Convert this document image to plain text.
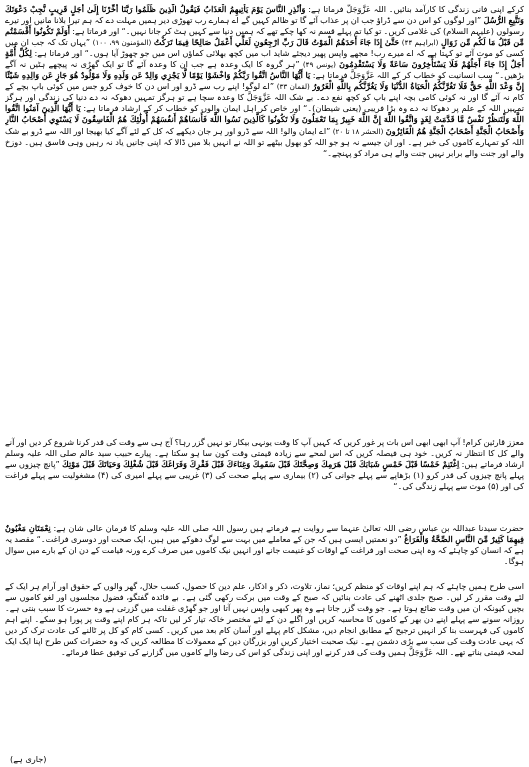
کرکے اپنی فانی زندگی کا کارآمد بنائیں۔ اللہ عَزَّوَجَلَّ فرماتا ہے: وَأَنْذِرِ النَّاسَ يَوْمَ يَأْتِيهِمُ الْعَذَابُ فَيَقُولُ الَّذِينَ ظَلَمُوا رَبَّنَا أَخِّرْنَا إِلَىٰ أَجَلٍ قَرِيبٍ نُّجِبْ دَعْوَتَكَ وَنَتَّبِعِ الرُّسُلَ ”اور لوگوں کو اس دن سے ڈراؤ جب ان پر عذاب آئے گا تو ظالم کہیں گے اے ہمارے رب تھوڑی دیر ہمیں مہلت دے کہ ہم تیرا بلانا مانیں اور تیرے رسولوں (علیہم السلام) کی غلامی کریں۔ تو کیا تم پہلے قسم نہ کھا چکے تھے کہ ہمیں دنیا سے کہیں ہٹ کر جانا نہیں۔“ اور فرماتا ہے: أَوَلَمْ تَكُونُوا أَقْسَمْتُم مِّن قَبْلُ مَا لَكُم مِّن زَوَالٍ (ابراہیم ۴۴) حَتَّىٰ إِذَا جَاءَ أَحَدَهُمُ الْمَوْتُ قَالَ رَبِّ ارْجِعُونِ لَعَلِّي أَعْمَلُ صَالِحًا فِيمَا تَرَكْتُ (المؤمنون ۹۹، ۱۰۰) ”یہاں تک کہ جب ان میں کسی کو موت آئے تو کہتا ہے کہ اے میرے رب! مجھے واپس پھیر دیجئے شاید اب میں کچھ بھلائی کماؤں اس میں جو چھوڑ آیا ہوں۔“ اور فرماتا ہے: لِكُلِّ أُمَّةٍ أَجَلٌ إِذَا جَاءَ أَجَلُهُمْ فَلَا يَسْتَأْخِرُونَ سَاعَةً وَلَا يَسْتَقْدِمُونَ (یونس ۴۹) ”ہر گروہ کا ایک وعدہ ہے جب ان کا وعدہ آئے گا تو ایک گھڑی نہ پیچھے ہٹیں نہ آگے بڑھیں۔“ سب انسانیت کو خطاب کر کے اللہ عَزَّوَجَلَّ فرماتا ہے: يَا أَيُّهَا النَّاسُ اتَّقُوا رَبَّكُمْ وَاخْشَوْا يَوْمًا لَّا يَجْزِي وَالِدٌ عَن وَلَدِهِ وَلَا مَوْلُودٌ هُوَ جَازٍ عَن وَالِدِهِ شَيْئًا إِنَّ وَعْدَ اللَّهِ حَقٌّ فَلَا تَغُرَّنَّكُمُ الْحَيَاةُ الدُّنْيَا وَلَا يَغُرَّنَّكُم بِاللَّهِ الْغَرُورُ (لقمان ۳۳) ”اے لوگو! اپنے رب سے ڈرو اور اس دن کا خوف کرو جس میں کوئی باپ بچے کے کام نہ آئے گا اور نہ کوئی کامی بچہ اپنے باپ کو کچھ نفع دے۔ بے شک اللہ عَزَّوَجَلَّ کا وعدہ سچا ہے تو ہرگز تمہیں دھوکہ نہ دے دنیا کی زندگی اور ہرگز تمہیں اللہ کے علم پر دھوکا نہ دے وہ بڑا فریبی (یعنی شیطان)۔“ اور خاص کر اہل ایمان والوں کو خطاب کر کے ارشاد فرماتا ہے: يَا أَيُّهَا الَّذِينَ آمَنُوا اتَّقُوا اللَّهَ وَلْتَنظُرْ نَفْسٌ مَّا قَدَّمَتْ لِغَدٍ وَاتَّقُوا اللَّهَ إِنَّ اللَّهَ خَبِيرٌ بِمَا تَعْمَلُونَ وَلَا تَكُونُوا كَالَّذِينَ نَسُوا اللَّهَ فَأَنسَاهُمْ أَنفُسَهُمْ أُولَٰئِكَ هُمُ الْفَاسِقُونَ لَا يَسْتَوِي أَصْحَابُ النَّارِ وَأَصْحَابُ الْجَنَّةِ أَصْحَابُ الْجَنَّةِ هُمُ الْفَائِزُونَ (الحشر ۱۸ تا ۲۰) ”اے ایمان والو! اللہ سے ڈرو اور ہر جان دیکھے کہ کل کے لئے آگے کیا بھیجا اور اللہ سے ڈرو بے شک اللہ کو تمہارے کاموں کی خبر ہے۔ اور ان جیسے نہ ہو جو اللہ کو بھول بیٹھے تو اللہ نے انہیں بلا میں ڈالا کہ اپنی جانیں یاد نہ رہیں وہی فاسق ہیں۔ دوزخ والے اور جنت والے برابر نہیں جنت والے ہی مراد کو پہنچے۔“

معزز قارئین کرام! آپ ابھی ابھی اس بات پر غور کریں کہ کہیں آپ کا وقت یونہی بیکار تو نہیں گزر رہا؟ آج ہی سے وقت کی قدر کرنا شروع کر دیں اور آنے والے کل کا انتظار نہ کریں۔ خود ہی فیصلہ کریں کہ اس لمحے سے زیادہ قیمتی وقت کون سا ہو سکتا ہے۔ پیارے حبیب سید عالم صلی اللہ علیہ وسلم ارشاد فرماتے ہیں: اِغْتَنِمْ خَمْسًا قَبْلَ خَمْسٍ شَبَابَكَ قَبْلَ هَرَمِكَ وَصِحَّتَكَ قَبْلَ سَقَمِكَ وَغِنَاءَكَ قَبْلَ فَقْرِكَ وَفَرَاغَكَ قَبْلَ شُغْلِكَ وَحَيَاتَكَ قَبْلَ مَوْتِكَ ”پانچ چیزوں سے پہلے پانچ چیزوں کی قدر کرو (۱) بڑھاپے سے پہلے جوانی کی (۲) بیماری سے پہلے صحت کی (۳) غریبی سے پہلے امیری کی (۴) مشغولیت سے پہلے فراغت کی اور (۵) موت سے پہلے زندگی کی۔“

حضرت سیدنا عبداللہ بن عباس رضی اللہ تعالیٰ عنہما سے روایت ہے فرماتے ہیں رسول اللہ صلی اللہ علیہ وسلم کا فرمان عالی شان ہے: نِعْمَتَانِ مَغْبُونٌ فِيهِمَا كَثِيرٌ مِّنَ النَّاسِ الصِّحَّةُ وَالْفَرَاغُ ”دو نعمتیں ایسی ہیں کہ جن کے معاملے میں بہت سے لوگ دھوکے میں ہیں، ایک صحت اور دوسری فراغت۔“ مقصد یہ ہے کہ انسان کو چاہئے کہ وہ اپنی صحت اور فراغت کے اوقات کو غنیمت جانے اور انہیں نیک کاموں میں صرف کرے ورنہ قیامت کے دن ان کے بارے میں سوال ہوگا۔

اسی طرح ہمیں چاہئے کہ ہم اپنے اوقات کو منظم کریں؛ نماز، تلاوت، ذکر و اذکار، علم دین کا حصول، کسب حلال، گھر والوں کے حقوق اور آرام ہر ایک کے لئے وقت مقرر کر لیں۔ صبح جلدی اٹھنے کی عادت بنائیں کہ صبح کے وقت میں برکت رکھی گئی ہے۔ بے فائدہ گفتگو، فضول مجلسوں اور لغو کاموں سے بچیں کیونکہ ان میں وقت ضائع ہوتا ہے۔ جو وقت گزر جاتا ہے وہ پھر کبھی واپس نہیں آتا اور جو گھڑی غفلت میں گزرتی ہے وہ حسرت کا سبب بنتی ہے۔ روزانہ سونے سے پہلے اپنے دن بھر کے کاموں کا محاسبہ کریں اور اگلے دن کے لئے مختصر خاکہ تیار کر لیں تاکہ ہر کام اپنے وقت پر پورا ہو سکے۔ اپنے اہم کاموں کی فہرست بنا کر انہیں ترجیح کے مطابق انجام دیں، مشکل کام پہلے اور آسان کام بعد میں کریں۔ کسی کام کو کل پر ٹالنے کی عادت ترک کر دیں کہ یہی عادت وقت کی سب سے بڑی دشمن ہے۔ نیک صحبت اختیار کریں اور بزرگان دین کے معمولات کا مطالعہ کریں کہ وہ حضرات کس طرح اپنا ایک ایک لمحہ قیمتی بناتے تھے۔ اللہ عَزَّوَجَلَّ ہمیں وقت کی قدر کرنے اور اپنی زندگی کو اس کی رضا والے کاموں میں گزارنے کی توفیق عطا فرمائے۔

(جاری ہے)
